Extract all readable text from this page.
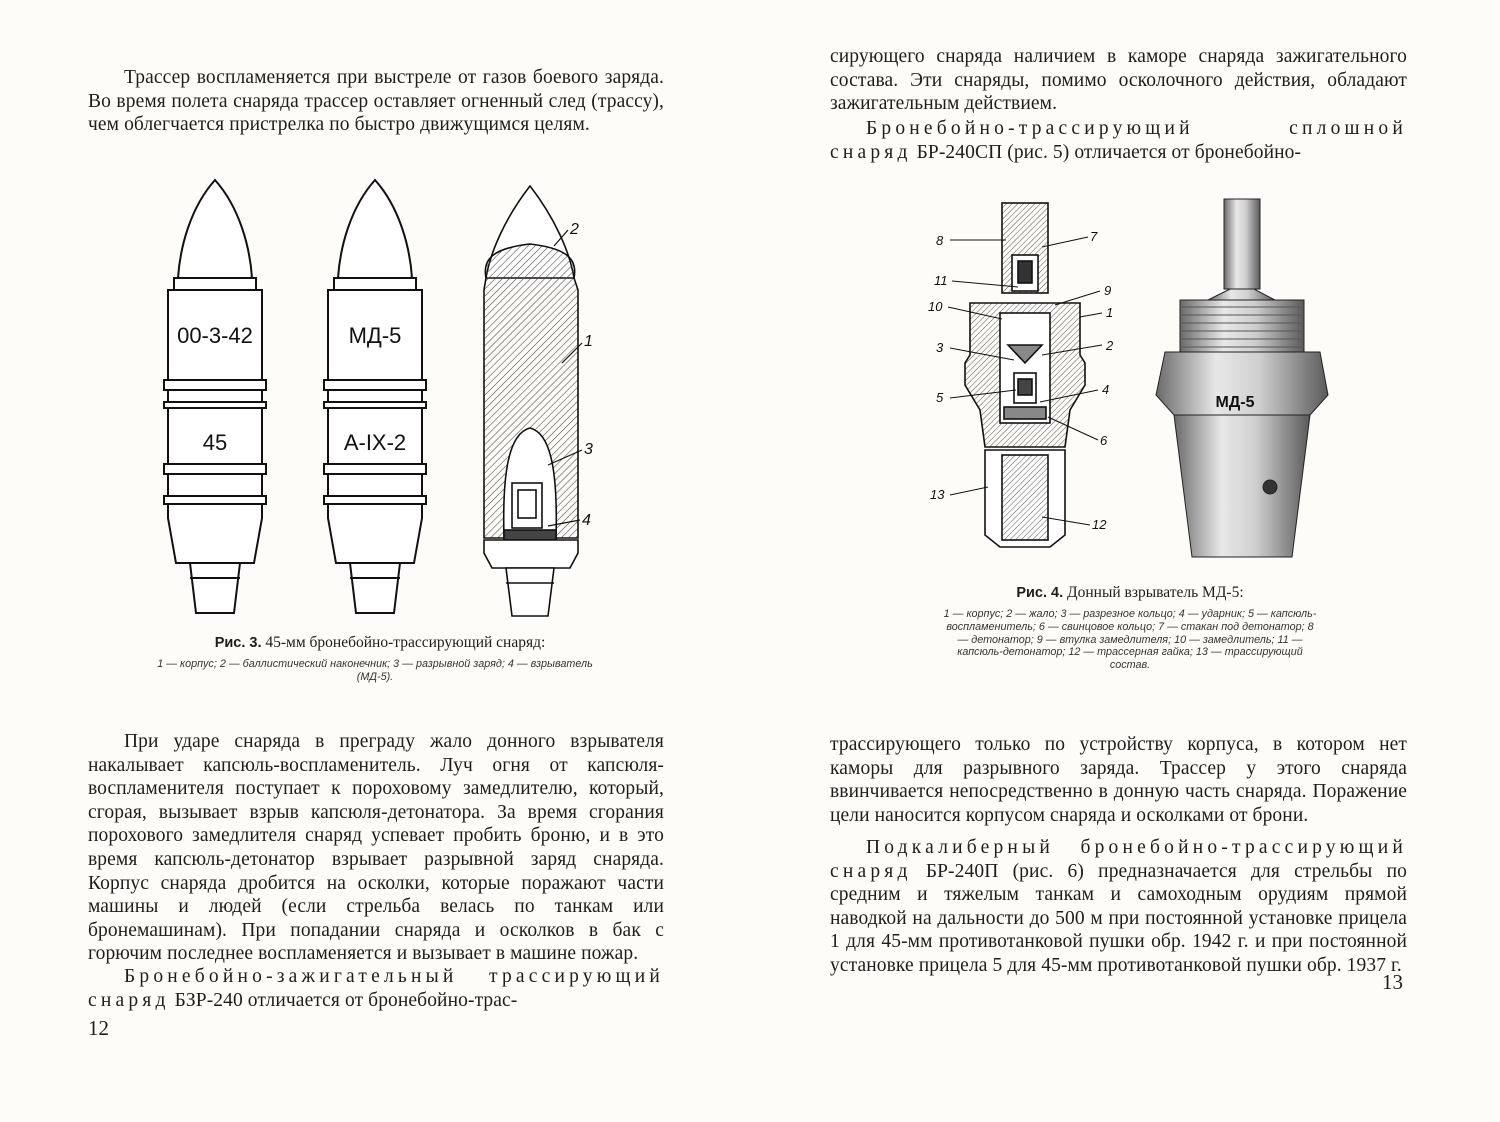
Трассер воспламеняется при выстреле от газов боевого заряда. Во время полета снаряда трассер оставляет огненный след (трассу), чем облегчается пристрелка по быстро движущимся целям.

00-3-42
45
МД-5
А-IX-2
2
1
3
4
Рис. 3. 45-мм бронебойно-трассирующий снаряд:
1 — корпус; 2 — баллистический наконечник; 3 — разрывной заряд; 4 — взрыватель (МД-5).

При ударе снаряда в преграду жало донного взрывателя накалывает капсюль-воспламенитель. Луч огня от капсюля-воспламенителя поступает к пороховому замедлителю, который, сгорая, вызывает взрыв капсюля-детонатора. За время сгорания порохового замедлителя снаряд успевает пробить броню, и в это время капсюль-детонатор взрывает разрывной заряд снаряда. Корпус снаряда дробится на осколки, которые поражают части машины и людей (если стрельба велась по танкам или бронемашинам). При попадании снаряда и осколков в бак с горючим последнее воспламеняется и вызывает в машине пожар.

Бронебойно-зажигательный трассирующий снаряд БЗР-240 отличается от бронебойно-трас-

12

сирующего снаряда наличием в каморе снаряда зажигательного состава. Эти снаряды, помимо осколочного действия, обладают зажигательным действием.

Бронебойно-трассирующий сплошной снаряд БР-240СП (рис. 5) отличается от бронебойно-

МД-5
8	7
11
9
10	1
3	2
5
4
6
13
12
Рис. 4. Донный взрыватель МД-5:
1 — корпус; 2 — жало; 3 — разрезное кольцо; 4 — ударник; 5 — капсюль-воспламенитель; 6 — свинцовое кольцо; 7 — стакан под детонатор; 8 — детонатор; 9 — втулка замедлителя; 10 — замедлитель; 11 — капсюль-детонатор; 12 — трассерная гайка; 13 — трассирующий состав.

трассирующего только по устройству корпуса, в котором нет каморы для разрывного заряда. Трассер у этого снаряда ввинчивается непосредственно в донную часть снаряда. Поражение цели наносится корпусом снаряда и осколками от брони.

Подкалиберный бронебойно-трассирующий снаряд БР-240П (рис. 6) предназначается для стрельбы по средним и тяжелым танкам и самоходным орудиям прямой наводкой на дальности до 500 м при постоянной установке прицела 1 для 45-мм противотанковой пушки обр. 1942 г. и при постоянной установке прицела 5 для 45-мм противотанковой пушки обр. 1937 г.

13
